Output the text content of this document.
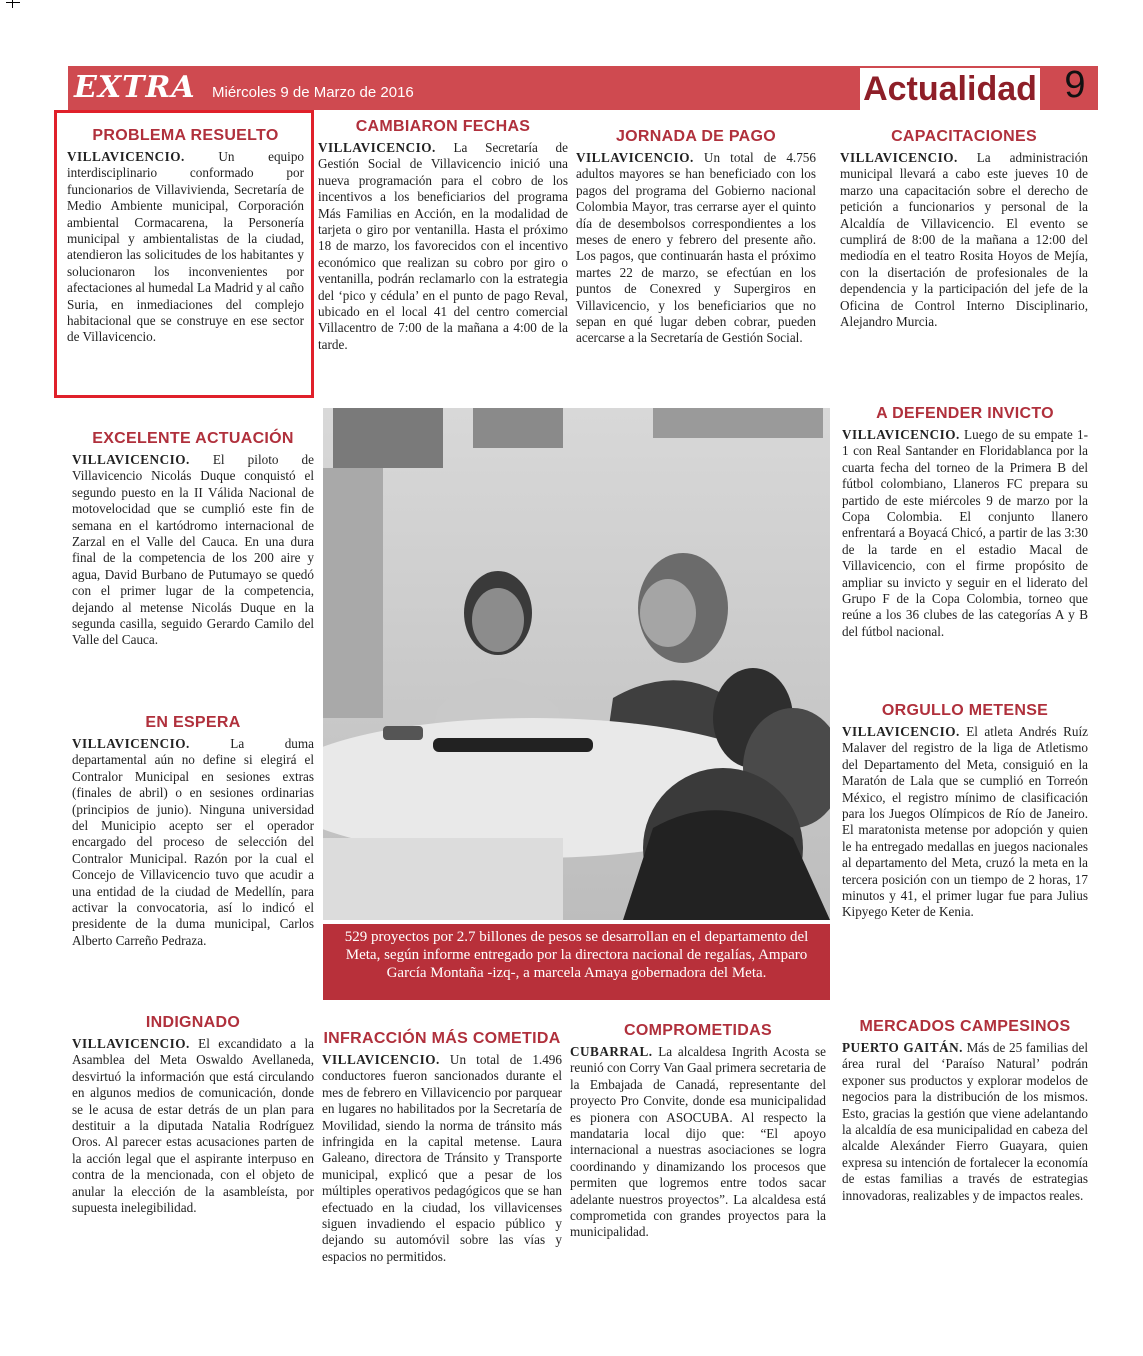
EXTRA Miércoles 9 de Marzo de 2016	Actualidad 9
PROBLEMA RESUELTO

VILLAVICENCIO.	Un equipo interdisciplinario conformado por funcionarios de Villavivienda, Secretaría de Medio Ambiente municipal, Corporación ambiental Cormacarena, la Personería municipal y ambientalistas de la ciudad, atendieron las solicitudes de los habitantes y solucionaron los inconvenientes por afectaciones al humedal La Madrid y al caño Suria, en inmediaciones del complejo habitacional que se construye en ese sector de Villavicencio.

CAMBIARON FECHAS

VILLAVICENCIO. La Secretaría de Gestión Social de Villavicencio inició una nueva programación para el cobro de los incentivos a los beneficiarios del programa Más Familias en Acción, en la modalidad de tarjeta o giro por ventanilla. Hasta el próximo 18 de marzo, los favorecidos con el incentivo económico que realizan su cobro por giro o ventanilla, podrán reclamarlo con la estrategia del ‘pico y cédula’ en el punto de pago Reval, ubicado en el local 41 del centro comercial Villacentro de 7:00 de la mañana a 4:00 de la tarde.

JORNADA DE PAGO

VILLAVICENCIO. Un total de 4.756 adultos mayores se han beneficiado con los pagos del programa del Gobierno nacional Colombia Mayor, tras cerrarse ayer el quinto día de desembolsos correspondientes a los meses de enero y febrero del presente año. Los pagos, que continuarán hasta el próximo martes 22 de marzo, se efectúan en los puntos de Conexred y Supergiros en Villavicencio, y los beneficiarios que no sepan en qué lugar deben cobrar, pueden acercarse a la Secretaría de Gestión Social.

CAPACITACIONES

VILLAVICENCIO. La administración municipal llevará a cabo este jueves 10 de marzo una capacitación sobre el derecho de petición a funcionarios y personal de la Alcaldía de Villavicencio. El evento se cumplirá de 8:00 de la mañana a 12:00 del mediodía en el teatro Rosita Hoyos de Mejía, con la disertación de profesionales de la dependencia y la participación del jefe de la Oficina de Control Interno Disciplinario, Alejandro Murcia.

EXCELENTE ACTUACIÓN

VILLAVICENCIO. El piloto de Villavicencio Nicolás Duque conquistó el segundo puesto en la II Válida Nacional de motovelocidad que se cumplió este fin de semana en el kartódromo internacional de Zarzal en el Valle del Cauca. En una dura final de la competencia de los 200 aire y agua, David Burbano de Putumayo se quedó con el primer lugar de la competencia, dejando al metense Nicolás Duque en la segunda casilla, seguido Gerardo Camilo del Valle del Cauca.

A DEFENDER INVICTO

VILLAVICENCIO. Luego de su empate 1-1 con Real Santander en Floridablanca por la cuarta fecha del torneo de la Primera B del fútbol colombiano, Llaneros FC prepara su partido de este miércoles 9 de marzo por la Copa Colombia. El conjunto llanero enfrentará a Boyacá Chicó, a partir de las 3:30 de la tarde en el estadio Macal de Villavicencio, con el firme propósito de ampliar su invicto y seguir en el liderato del Grupo F de la Copa Colombia, torneo que reúne a los 36 clubes de las categorías A y B del fútbol nacional.

EN ESPERA

VILLAVICENCIO.	La duma departamental aún no define si elegirá el Contralor Municipal en sesiones extras (finales de abril) o en sesiones ordinarias (principios de junio). Ninguna universidad del Municipio acepto ser el operador encargado del proceso de selección del Contralor Municipal. Razón por la cual el Concejo de Villavicencio tuvo que acudir a una entidad de la ciudad de Medellín, para activar la convocatoria, así lo indicó el presidente de la duma municipal, Carlos Alberto Carreño Pedraza.

ORGULLO METENSE

VILLAVICENCIO. El atleta Andrés Ruíz Malaver del registro de la liga de Atletismo del Departamento del Meta, consiguió en la Maratón de Lala que se cumplió en Torreón México, el registro mínimo de clasificación para los Juegos Olímpicos de Río de Janeiro. El maratonista metense por adopción y quien le ha entregado medallas en juegos nacionales al departamento del Meta, cruzó la meta en la tercera posición con un tiempo de 2 horas, 17 minutos y 41, el primer lugar fue para Julius Kipyego Keter de Kenia.

INDIGNADO

VILLAVICENCIO. El excandidato a la Asamblea del Meta Oswaldo Avellaneda, desvirtuó la información que está circulando en algunos medios de comunicación, donde se le acusa de estar detrás de un plan para destituir a la diputada Natalia Rodríguez Oros. Al parecer estas acusaciones parten de la acción legal que el aspirante interpuso en contra de la mencionada, con el objeto de anular la elección de la asambleísta, por supuesta inelegibilidad.

INFRACCIÓN MÁS COMETIDA

VILLAVICENCIO. Un total de 1.496 conductores fueron sancionados durante el mes de febrero en Villavicencio por parquear en lugares no habilitados por la Secretaría de Movilidad, siendo la norma de tránsito más infringida en la capital metense. Laura Galeano, directora de Tránsito y Transporte municipal, explicó que a pesar de los múltiples operativos pedagógicos que se han efectuado en la ciudad, los villavicenses siguen invadiendo el espacio público y dejando su automóvil sobre las vías y espacios no permitidos.

COMPROMETIDAS

CUBARRAL. La alcaldesa Ingrith Acosta se reunió con Corry Van Gaal primera secretaria de la Embajada de Canadá, representante del proyecto Pro Convite, donde esa municipalidad es pionera con ASOCUBA. Al respecto la mandataria local dijo que: “El apoyo internacional a nuestras asociaciones se logra coordinando y dinamizando los procesos que permiten que logremos entre todos sacar adelante nuestros proyectos”. La alcaldesa está comprometida con grandes proyectos para la municipalidad.

MERCADOS CAMPESINOS

PUERTO GAITÁN. Más de 25 familias del área rural del ‘Paraíso Natural’ podrán exponer sus productos y explorar modelos de negocios para la distribución de los mismos. Esto, gracias la gestión que viene adelantando la alcaldía de esa municipalidad en cabeza del alcalde Alexánder Fierro Guayara, quien expresa su intención de fortalecer la economía de estas familias a través de estrategias innovadoras, realizables y de impactos reales.

529 proyectos por 2.7 billones de pesos se desarrollan en el departamento del Meta, según informe entregado por la directora nacional de regalías, Amparo García Montaña -izq-, a marcela Amaya gobernadora del Meta.
